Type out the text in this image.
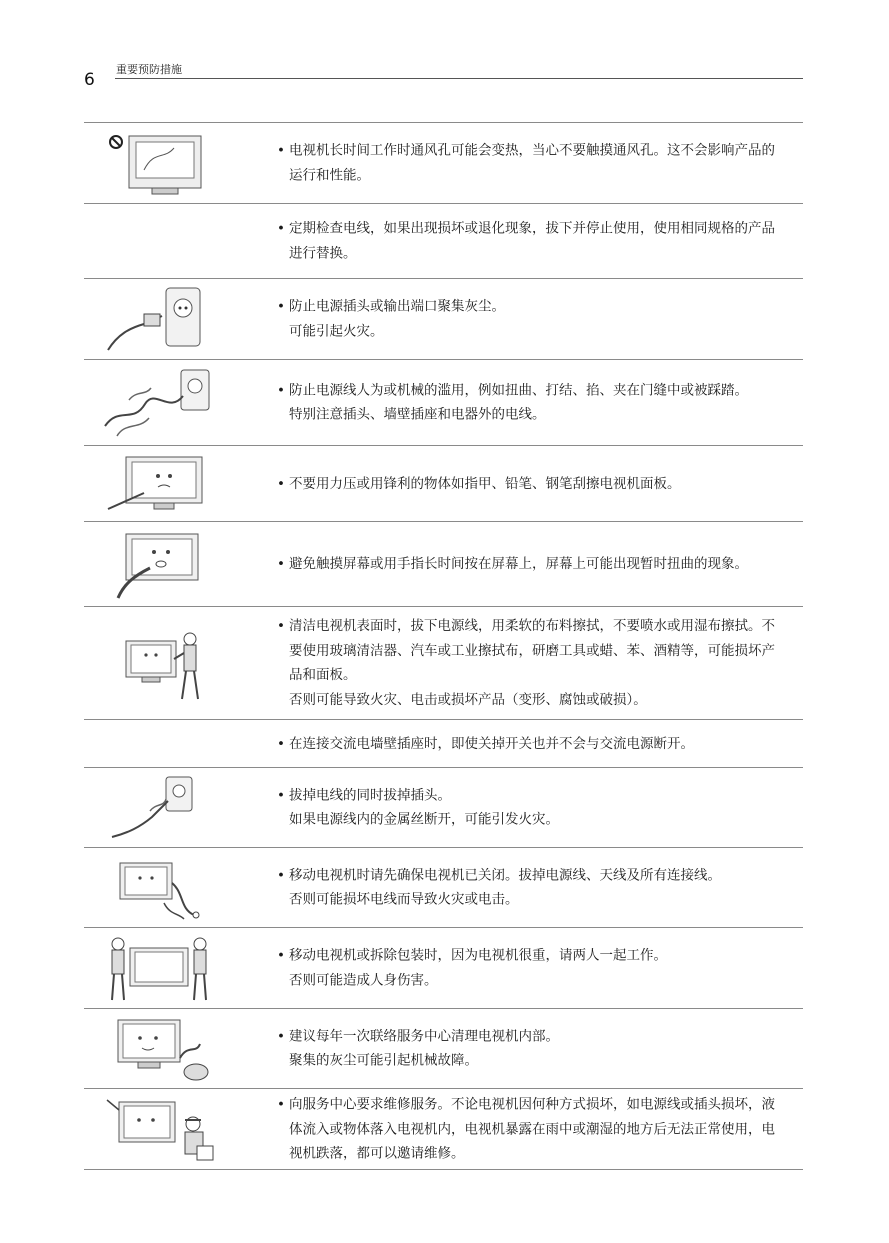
6
重要预防措施
• 电视机长时间工作时通风孔可能会变热，当心不要触摸通风孔。这不会影响产品的运行和性能。
• 定期检查电线，如果出现损坏或退化现象，拔下并停止使用，使用相同规格的产品进行替换。
• 防止电源插头或输出端口聚集灰尘。
可能引起火灾。
• 防止电源线人为或机械的滥用，例如扭曲、打结、掐、夹在门缝中或被踩踏。
特别注意插头、墙壁插座和电器外的电线。
• 不要用力压或用锋利的物体如指甲、铅笔、钢笔刮擦电视机面板。
• 避免触摸屏幕或用手指长时间按在屏幕上，屏幕上可能出现暂时扭曲的现象。
• 清洁电视机表面时，拔下电源线，用柔软的布料擦拭，不要喷水或用湿布擦拭。不要使用玻璃清洁器、汽车或工业擦拭布，研磨工具或蜡、苯、酒精等，可能损坏产品和面板。
否则可能导致火灾、电击或损坏产品（变形、腐蚀或破损）。
• 在连接交流电墙壁插座时，即使关掉开关也并不会与交流电源断开。
• 拔掉电线的同时拔掉插头。
如果电源线内的金属丝断开，可能引发火灾。
• 移动电视机时请先确保电视机已关闭。拔掉电源线、天线及所有连接线。
否则可能损坏电线而导致火灾或电击。
• 移动电视机或拆除包装时，因为电视机很重，请两人一起工作。
否则可能造成人身伤害。
• 建议每年一次联络服务中心清理电视机内部。
聚集的灰尘可能引起机械故障。
• 向服务中心要求维修服务。不论电视机因何种方式损坏，如电源线或插头损坏，液体流入或物体落入电视机内，电视机暴露在雨中或潮湿的地方后无法正常使用，电视机跌落，都可以邀请维修。
